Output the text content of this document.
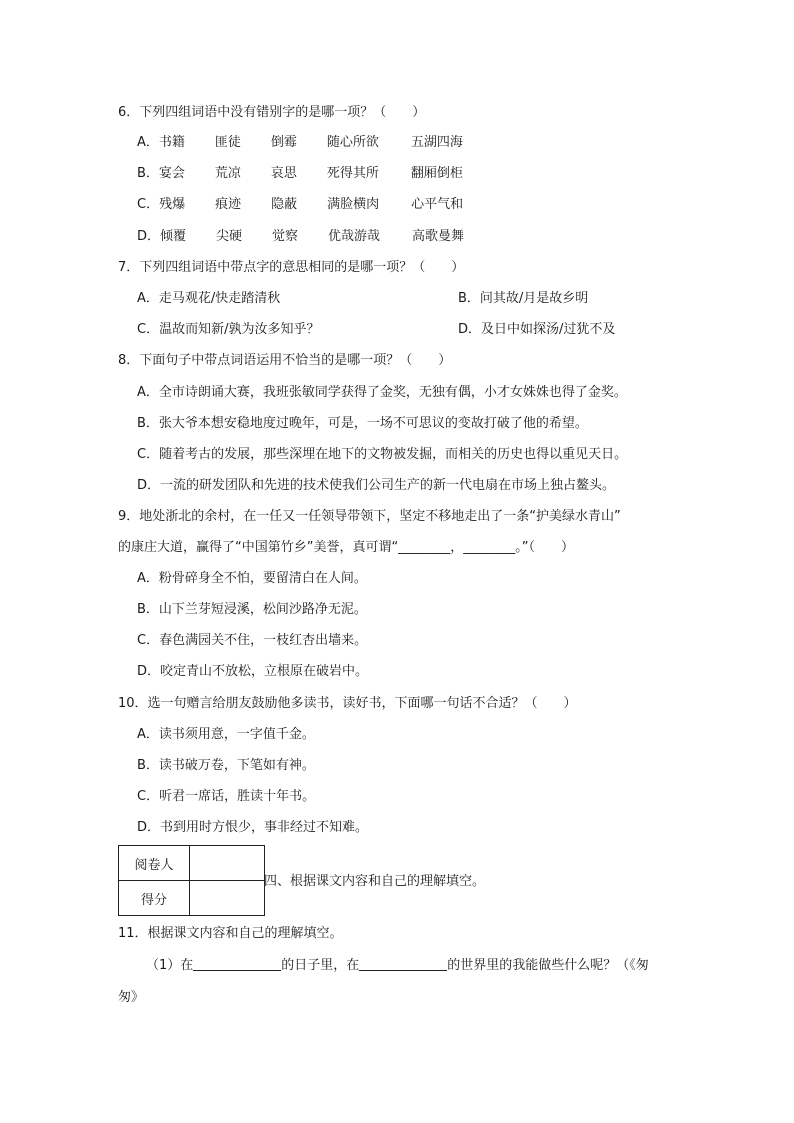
6．下列四组词语中没有错别字的是哪一项？（　　）
A．书籍 匪徒 倒霉 随心所欲 五湖四海
B．宴会 荒凉 哀思 死得其所 翻厢倒柜
C．残爆 痕迹 隐蔽 满脸横肉 心平气和
D．倾覆 尖硬 觉察 优哉游哉 高歌曼舞
7．下列四组词语中带点字的意思相同的是哪一项？（　　）
A．走马观花/快走踏清秋	B．问其故/月是故乡明
C．温故而知新/孰为汝多知乎？	D．及日中如探汤/过犹不及
8．下面句子中带点词语运用不恰当的是哪一项？（　　）
A．全市诗朗诵大赛，我班张敏同学获得了金奖，无独有偶，小才女姝姝也得了金奖。
B．张大爷本想安稳地度过晚年，可是，一场不可思议的变故打破了他的希望。
C．随着考古的发展，那些深埋在地下的文物被发掘，而相关的历史也得以重见天日。
D．一流的研发团队和先进的技术使我们公司生产的新一代电扇在市场上独占鳌头。
9．地处浙北的余村，在一任又一任领导带领下，坚定不移地走出了一条“护美绿水青山”
的康庄大道，赢得了“中国第竹乡”美誉，真可谓“________，________。”（　　）
A．粉骨碎身全不怕，要留清白在人间。
B．山下兰芽短浸溪，松间沙路净无泥。
C．春色满园关不住，一枝红杏出墙来。
D．咬定青山不放松，立根原在破岩中。
10．选一句赠言给朋友鼓励他多读书，读好书，下面哪一句话不合适？（　　）
A．读书须用意，一字值千金。
B．读书破万卷，下笔如有神。
C．听君一席话，胜读十年书。
D．书到用时方恨少，事非经过不知难。
阅卷人	
得分	
四、根据课文内容和自己的理解填空。
11．根据课文内容和自己的理解填空。
（1）在	的日子里，在	的世界里的我能做些什么呢？（《匆
匆》
